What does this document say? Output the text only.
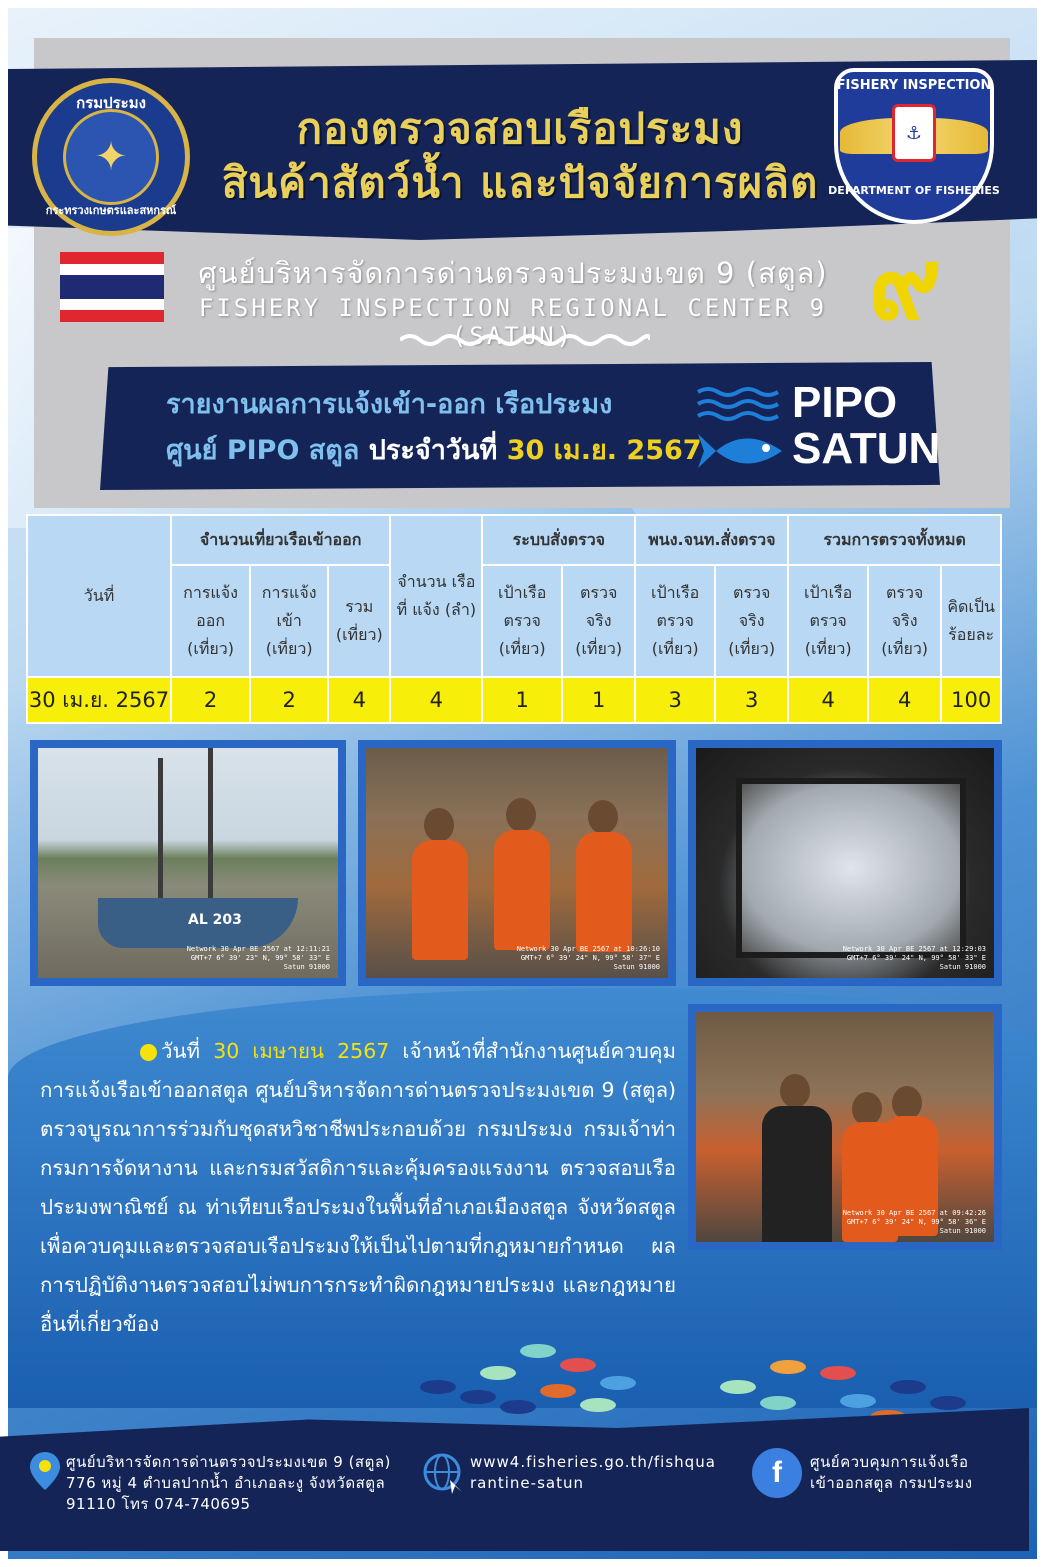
กรมประมง
✦
กระทรวงเกษตรและสหกรณ์
กองตรวจสอบเรือประมง
สินค้าสัตว์น้ำ และปัจจัยการผลิต
FISHERY INSPECTION
⚓
DEPARTMENT OF FISHERIES
ศูนย์บริหารจัดการด่านตรวจประมงเขต 9 (สตูล)
FISHERY INSPECTION REGIONAL CENTER 9 (SATUN)	๙
รายงานผลการแจ้งเข้า-ออก เรือประมง
ศูนย์ PIPO สตูล ประจำวันที่ 30 เม.ย. 2567
PIPO
SATUN
วันที่	จำนวนเที่ยวเรือเข้าออก			จำนวน เรือที่ แจ้ง (ลำ)	ระบบสั่งตรวจ		พนง.จนท.สั่งตรวจ		รวมการตรวจทั้งหมด		
	การแจ้ง ออก (เที่ยว)	การแจ้ง เข้า (เที่ยว)	รวม (เที่ยว)		เป้าเรือ ตรวจ (เที่ยว)	ตรวจ จริง (เที่ยว)	เป้าเรือ ตรวจ (เที่ยว)	ตรวจ จริง (เที่ยว)	เป้าเรือ ตรวจ (เที่ยว)	ตรวจ จริง (เที่ยว)	คิดเป็น ร้อยละ
30 เม.ย. 2567	2	2	4	4	1	1	3	3	4	4	100
AL 203
Network 30 Apr BE 2567 at 12:11:21 GMT+7 6° 39' 23" N, 99° 58' 33" E Satun 91000
Network 30 Apr BE 2567 at 10:26:10 GMT+7 6° 39' 24" N, 99° 58' 37" E Satun 91000
Network 30 Apr BE 2567 at 12:29:03 GMT+7 6° 39' 24" N, 99° 58' 33" E Satun 91000
Network 30 Apr BE 2567 at 09:42:26 GMT+7 6° 39' 24" N, 99° 58' 36" E Satun 91000
วันที่ 30 เมษายน 2567 เจ้าหน้าที่สำนักงานศูนย์ควบคุมการแจ้งเรือเข้าออกสตูล ศูนย์บริหารจัดการด่านตรวจประมงเขต 9 (สตูล) ตรวจบูรณาการร่วมกับชุดสหวิชาชีพประกอบด้วย กรมประมง กรมเจ้าท่า กรมการจัดหางาน และกรมสวัสดิการและคุ้มครองแรงงาน ตรวจสอบเรือประมงพาณิชย์ ณ ท่าเทียบเรือประมงในพื้นที่อำเภอเมืองสตูล จังหวัดสตูล เพื่อควบคุมและตรวจสอบเรือประมงให้เป็นไปตามที่กฎหมายกำหนด ผลการปฏิบัติงานตรวจสอบไม่พบการกระทำผิดกฎหมายประมง และกฎหมายอื่นที่เกี่ยวข้อง
ศูนย์บริหารจัดการด่านตรวจประมงเขต 9 (สตูล)
776 หมู่ 4 ตำบลปากน้ำ อำเภอละงู จังหวัดสตูล
91110 โทร 074-740695
www4.fisheries.go.th/fishqua
rantine-satun	f	ศูนย์ควบคุมการแจ้งเรือ
เข้าออกสตูล กรมประมง
